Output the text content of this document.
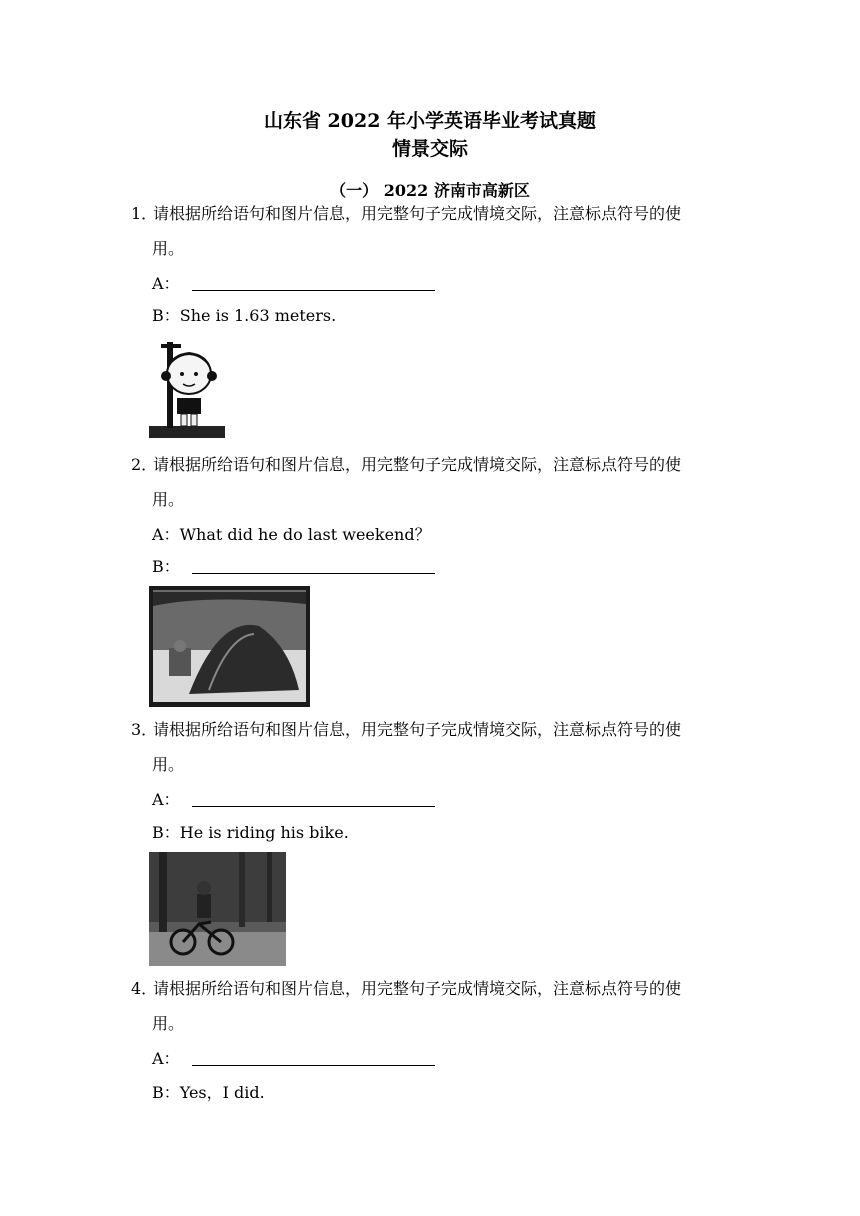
山东省 2022 年小学英语毕业考试真题
情景交际
（一） 2022 济南市高新区
1．请根据所给语句和图片信息，用完整句子完成情境交际，注意标点符号的使
用。
A：
B：She is 1.63 meters.
2．请根据所给语句和图片信息，用完整句子完成情境交际，注意标点符号的使
用。
A：What did he do last weekend？
B：
3．请根据所给语句和图片信息，用完整句子完成情境交际，注意标点符号的使
用。
A：
B：He is riding his bike.
4．请根据所给语句和图片信息，用完整句子完成情境交际，注意标点符号的使
用。
A：
B：Yes，I did.
